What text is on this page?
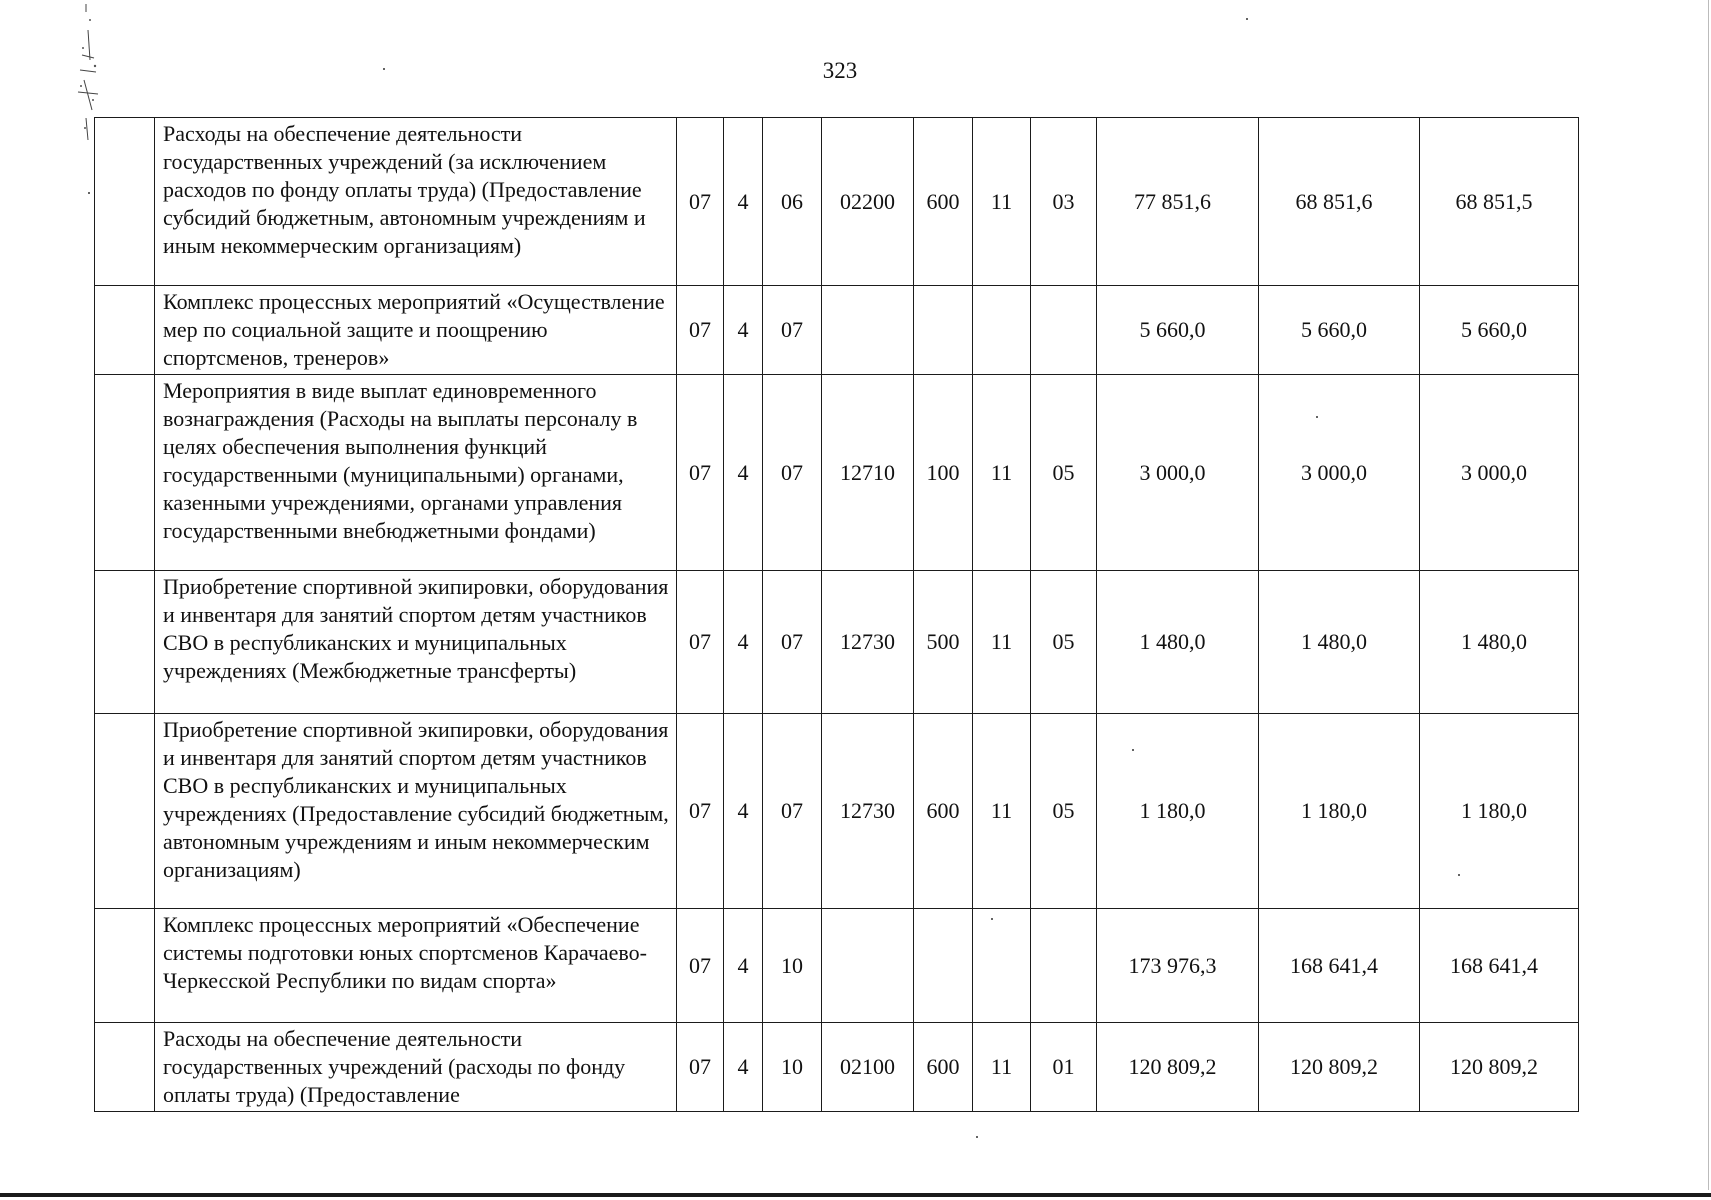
323
	Расходы на обеспечение деятельности государственных учреждений (за исключением расходов по фонду оплаты труда) (Предоставление субсидий бюджетным, автономным учреждениям и иным некоммерческим организациям)	07	4	06	02200	600	11	03	77 851,6	68 851,6	68 851,5
	Комплекс процессных мероприятий «Осуществление мер по социальной защите и поощрению спортсменов, тренеров»	07	4	07					5 660,0	5 660,0	5 660,0
	Мероприятия в виде выплат единовременного вознаграждения (Расходы на выплаты персоналу в целях обеспечения выполнения функций государственными (муниципальными) органами, казенными учреждениями, органами управления государственными внебюджетными фондами)	07	4	07	12710	100	11	05	3 000,0	3 000,0	3 000,0
	Приобретение спортивной экипировки, оборудования и инвентаря для занятий спортом детям участников СВО в республиканских и муниципальных учреждениях (Межбюджетные трансферты)	07	4	07	12730	500	11	05	1 480,0	1 480,0	1 480,0
	Приобретение спортивной экипировки, оборудования и инвентаря для занятий спортом детям участников СВО в республиканских и муниципальных учреждениях (Предоставление субсидий бюджетным, автономным учреждениям и иным некоммерческим организациям)	07	4	07	12730	600	11	05	1 180,0	1 180,0	1 180,0
	Комплекс процессных мероприятий «Обеспечение системы подготовки юных спортсменов Карачаево-Черкесской Республики по видам спорта»	07	4	10					173 976,3	168 641,4	168 641,4
	Расходы на обеспечение деятельности государственных учреждений (расходы по фонду оплаты труда) (Предоставление	07	4	10	02100	600	11	01	120 809,2	120 809,2	120 809,2
